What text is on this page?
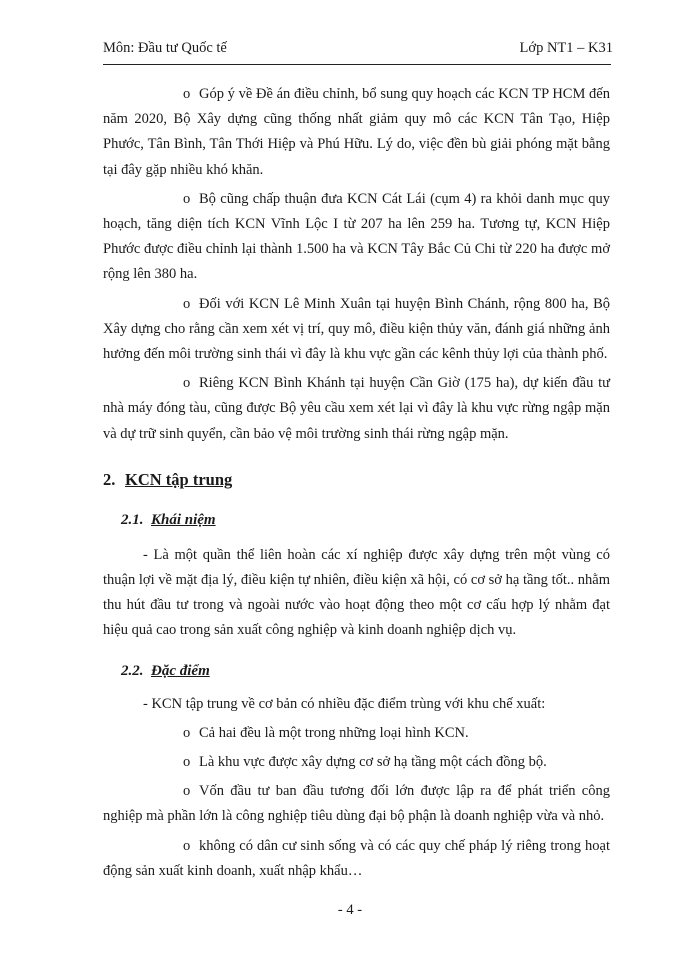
Môn: Đầu tư Quốc tế	Lớp NT1 – K31

o Góp ý về Đề án điều chỉnh, bổ sung quy hoạch các KCN TP HCM đến năm 2020, Bộ Xây dựng cũng thống nhất giảm quy mô các KCN Tân Tạo, Hiệp Phước, Tân Bình, Tân Thới Hiệp và Phú Hữu. Lý do, việc đền bù giải phóng mặt bằng tại đây gặp nhiều khó khăn.

o Bộ cũng chấp thuận đưa KCN Cát Lái (cụm 4) ra khỏi danh mục quy hoạch, tăng diện tích KCN Vĩnh Lộc I từ 207 ha lên 259 ha. Tương tự, KCN Hiệp Phước được điều chỉnh lại thành 1.500 ha và KCN Tây Bắc Củ Chi từ 220 ha được mở rộng lên 380 ha.

o Đối với KCN Lê Minh Xuân tại huyện Bình Chánh, rộng 800 ha, Bộ Xây dựng cho rằng cần xem xét vị trí, quy mô, điều kiện thủy văn, đánh giá những ảnh hưởng đến môi trường sinh thái vì đây là khu vực gần các kênh thủy lợi của thành phố.

o Riêng KCN Bình Khánh tại huyện Cần Giờ (175 ha), dự kiến đầu tư nhà máy đóng tàu, cũng được Bộ yêu cầu xem xét lại vì đây là khu vực rừng ngập mặn và dự trữ sinh quyển, cần bảo vệ môi trường sinh thái rừng ngập mặn.

2. KCN tập trung
2.1. Khái niệm

- Là một quần thể liên hoàn các xí nghiệp được xây dựng trên một vùng có thuận lợi về mặt địa lý, điều kiện tự nhiên, điều kiện xã hội, có cơ sở hạ tầng tốt.. nhằm thu hút đầu tư trong và ngoài nước vào hoạt động theo một cơ cấu hợp lý nhằm đạt hiệu quả cao trong sản xuất công nghiệp và kinh doanh nghiệp dịch vụ.

2.2. Đặc điểm

- KCN tập trung về cơ bản có nhiều đặc điểm trùng với khu chế xuất:

o Cả hai đều là một trong những loại hình KCN.

o Là khu vực được xây dựng cơ sở hạ tầng một cách đồng bộ.

o Vốn đầu tư ban đầu tương đối lớn được lập ra để phát triển công nghiệp mà phần lớn là công nghiệp tiêu dùng đại bộ phận là doanh nghiệp vừa và nhỏ.

o không có dân cư sinh sống và có các quy chế pháp lý riêng trong hoạt động sản xuất kinh doanh, xuất nhập khẩu…

- 4 -
